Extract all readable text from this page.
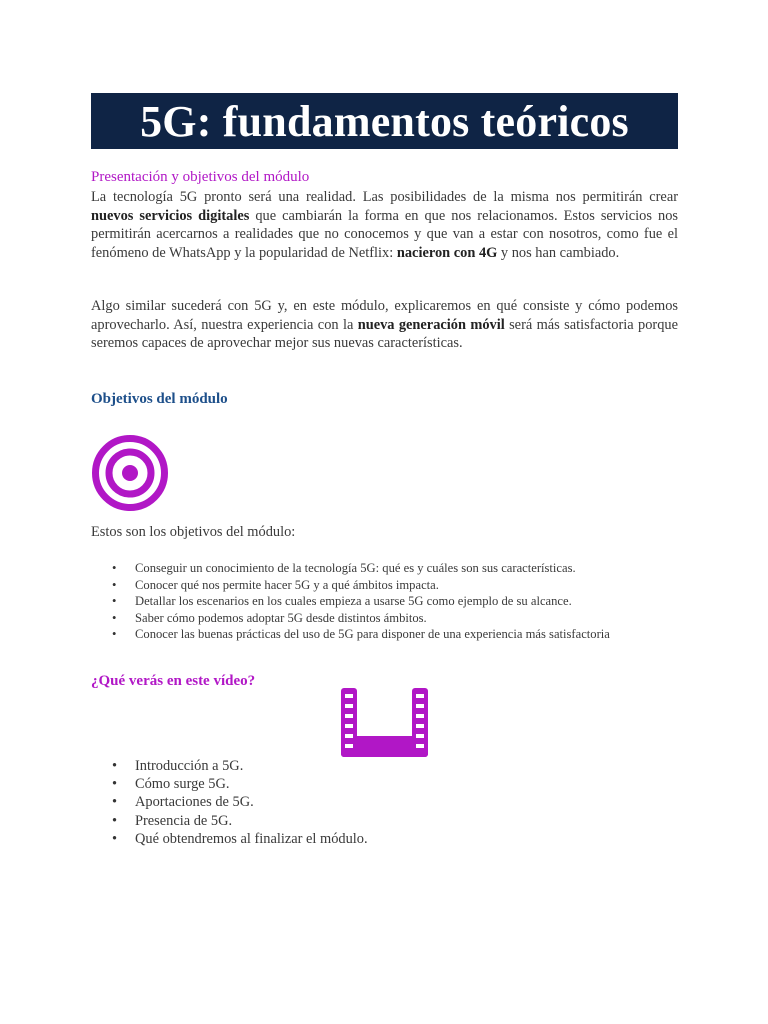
5G: fundamentos teóricos
Presentación y objetivos del módulo

La tecnología 5G pronto será una realidad. Las posibilidades de la misma nos permitirán crear nuevos servicios digitales que cambiarán la forma en que nos relacionamos. Estos servicios nos permitirán acercarnos a realidades que no conocemos y que van a estar con nosotros, como fue el fenómeno de WhatsApp y la popularidad de Netflix: nacieron con 4G y nos han cambiado.

Algo similar sucederá con 5G y, en este módulo, explicaremos en qué consiste y cómo podemos aprovecharlo. Así, nuestra experiencia con la nueva generación móvil será más satisfactoria porque seremos capaces de aprovechar mejor sus nuevas características.

Objetivos del módulo
Estos son los objetivos del módulo:
• Conseguir un conocimiento de la tecnología 5G: qué es y cuáles son sus características.
• Conocer qué nos permite hacer 5G y a qué ámbitos impacta.
• Detallar los escenarios en los cuales empieza a usarse 5G como ejemplo de su alcance.
• Saber cómo podemos adoptar 5G desde distintos ámbitos.
• Conocer las buenas prácticas del uso de 5G para disponer de una experiencia más satisfactoria
¿Qué verás en este vídeo?
• Introducción a 5G.
• Cómo surge 5G.
• Aportaciones de 5G.
• Presencia de 5G.
• Qué obtendremos al finalizar el módulo.
